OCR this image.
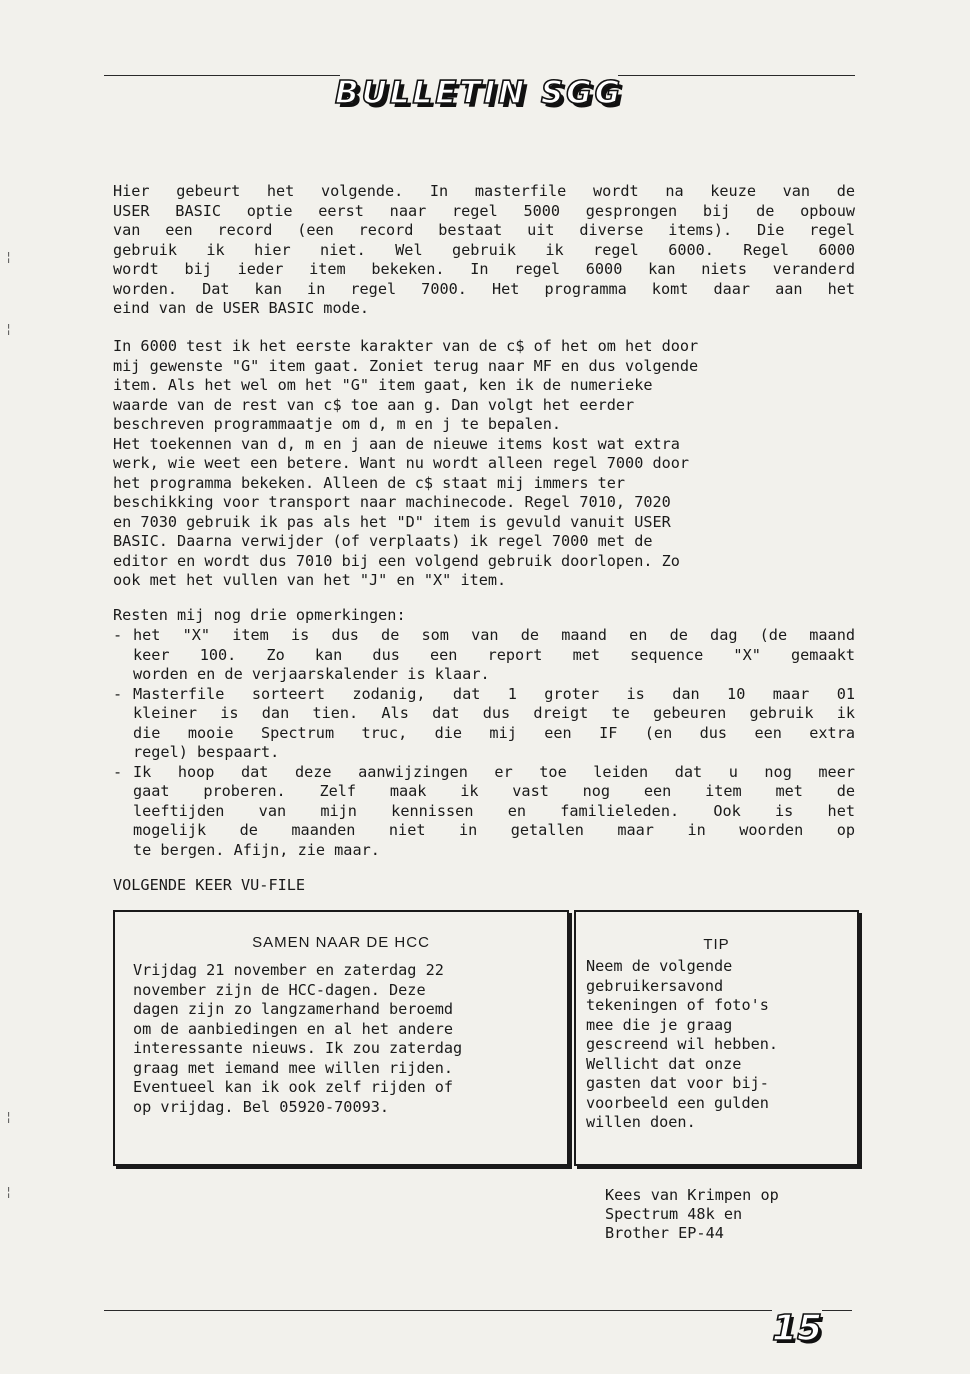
BULLETIN SGG
¦
¦
¦
¦
Hier gebeurt het volgende. In masterfile wordt na keuze van de
USER BASIC optie eerst naar regel 5000 gesprongen bij de opbouw
van een record (een record bestaat uit diverse items). Die regel
gebruik ik hier niet. Wel gebruik ik regel 6000. Regel 6000
wordt bij ieder item bekeken. In regel 6000 kan niets veranderd
worden. Dat kan in regel 7000. Het programma komt daar aan het
eind van de USER BASIC mode.
In 6000 test ik het eerste karakter van de c$ of het om het door
mij gewenste "G" item gaat. Zoniet terug naar MF en dus volgende
item. Als het wel om het "G" item gaat, ken ik de numerieke
waarde van de rest van c$ toe aan g. Dan volgt het eerder
beschreven programmaatje om d, m en j te bepalen.
Het toekennen van d, m en j aan de nieuwe items kost wat extra
werk, wie weet een betere. Want nu wordt alleen regel 7000 door
het programma bekeken. Alleen de c$ staat mij immers ter
beschikking voor transport naar machinecode. Regel 7010, 7020
en 7030 gebruik ik pas als het "D" item is gevuld vanuit USER
BASIC. Daarna verwijder (of verplaats) ik regel 7000 met de
editor en wordt dus 7010 bij een volgend gebruik doorlopen. Zo
ook met het vullen van het "J" en "X" item.
Resten mij nog drie opmerkingen:
- het "X" item is dus de som van de maand en de dag (de maand
keer 100. Zo kan dus een report met sequence "X" gemaakt
worden en de verjaarskalender is klaar.
- Masterfile sorteert zodanig, dat 1 groter is dan 10 maar 01
kleiner is dan tien. Als dat dus dreigt te gebeuren gebruik ik
die mooie Spectrum truc, die mij een IF (en dus een extra
regel) bespaart.
- Ik hoop dat deze aanwijzingen er toe leiden dat u nog meer
gaat proberen. Zelf maak ik vast nog een item met de
leeftijden van mijn kennissen en familieleden. Ook is het
mogelijk de maanden niet in getallen maar in woorden op
te bergen. Afijn, zie maar.
VOLGENDE KEER VU-FILE
SAMEN NAAR DE HCC
Vrijdag 21 november en zaterdag 22
november zijn de HCC-dagen. Deze
dagen zijn zo langzamerhand beroemd
om de aanbiedingen en al het andere
interessante nieuws. Ik zou zaterdag
graag met iemand mee willen rijden.
Eventueel kan ik ook zelf rijden of
op vrijdag. Bel 05920-70093.
TIP
Neem de volgende
gebruikersavond
tekeningen of foto's
mee die je graag
gescreend wil hebben.
Wellicht dat onze
gasten dat voor bij-
voorbeeld een gulden
willen doen.
Kees van Krimpen op
Spectrum 48k en
Brother EP-44
15
